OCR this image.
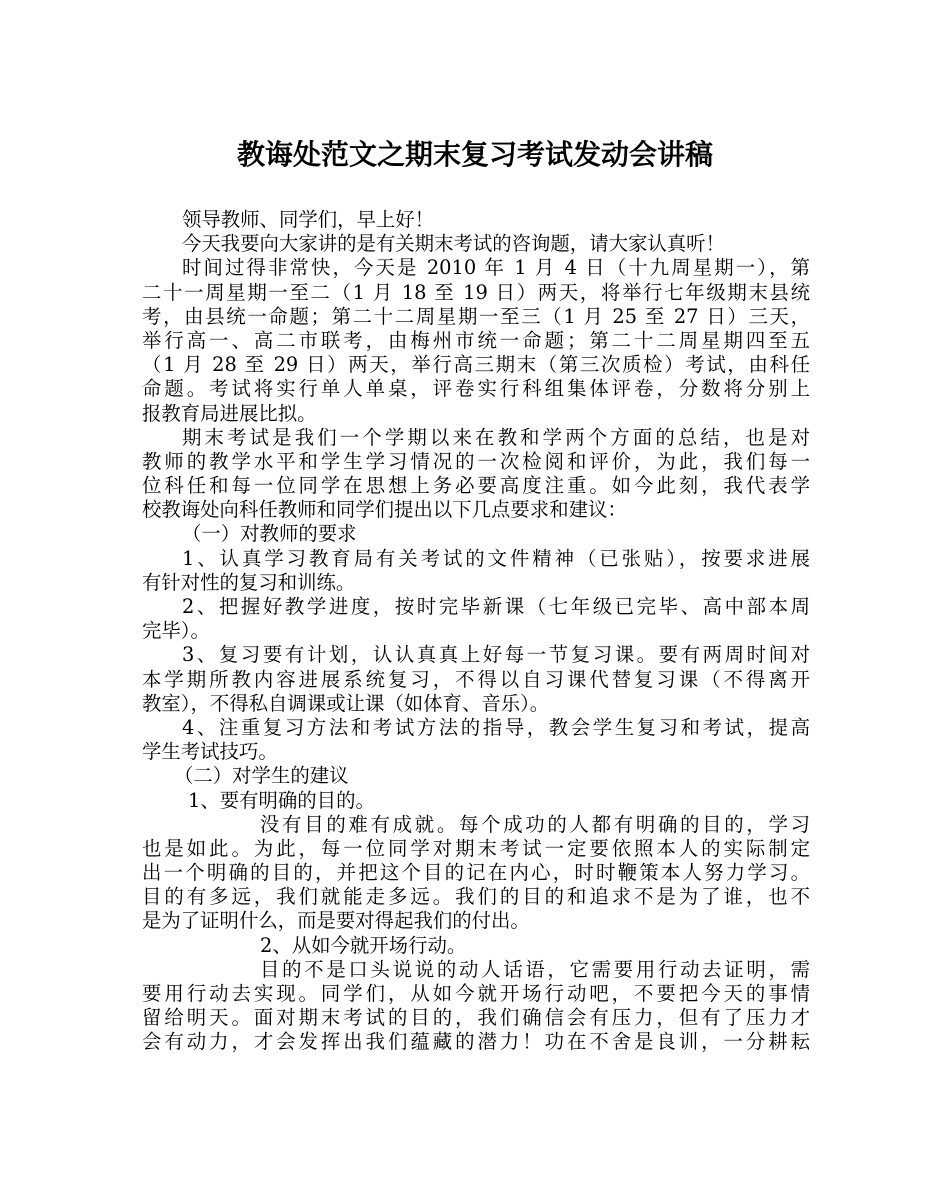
教诲处范文之期末复习考试发动会讲稿
领导教师、同学们，早上好！
今天我要向大家讲的是有关期末考试的咨询题，请大家认真听！
时间过得非常快，今天是 2010 年 1 月 4 日（十九周星期一），第
二十一周星期一至二（1 月 18 至 19 日）两天，将举行七年级期末县统
考，由县统一命题；第二十二周星期一至三（1 月 25 至 27 日）三天，
举行高一、高二市联考，由梅州市统一命题；第二十二周星期四至五
（1 月 28 至 29 日）两天，举行高三期末（第三次质检）考试，由科任
命题。考试将实行单人单桌，评卷实行科组集体评卷，分数将分别上
报教育局进展比拟。
期末考试是我们一个学期以来在教和学两个方面的总结，也是对
教师的教学水平和学生学习情况的一次检阅和评价，为此，我们每一
位科任和每一位同学在思想上务必要高度注重。如今此刻，我代表学
校教诲处向科任教师和同学们提出以下几点要求和建议：
（一）对教师的要求
1、认真学习教育局有关考试的文件精神（已张贴），按要求进展
有针对性的复习和训练。
2、把握好教学进度，按时完毕新课（七年级已完毕、高中部本周
完毕）。
3、复习要有计划，认认真真上好每一节复习课。要有两周时间对
本学期所教内容进展系统复习，不得以自习课代替复习课（不得离开
教室），不得私自调课或让课（如体育、音乐）。
4、注重复习方法和考试方法的指导，教会学生复习和考试，提高
学生考试技巧。
（二）对学生的建议
1、要有明确的目的。
没有目的难有成就。每个成功的人都有明确的目的，学习
也是如此。为此，每一位同学对期末考试一定要依照本人的实际制定
出一个明确的目的，并把这个目的记在内心，时时鞭策本人努力学习。
目的有多远，我们就能走多远。我们的目的和追求不是为了谁，也不
是为了证明什么，而是要对得起我们的付出。
2、从如今就开场行动。
目的不是口头说说的动人话语，它需要用行动去证明，需
要用行动去实现。同学们，从如今就开场行动吧，不要把今天的事情
留给明天。面对期末考试的目的，我们确信会有压力，但有了压力才
会有动力，才会发挥出我们蕴藏的潜力！功在不舍是良训，一分耕耘
